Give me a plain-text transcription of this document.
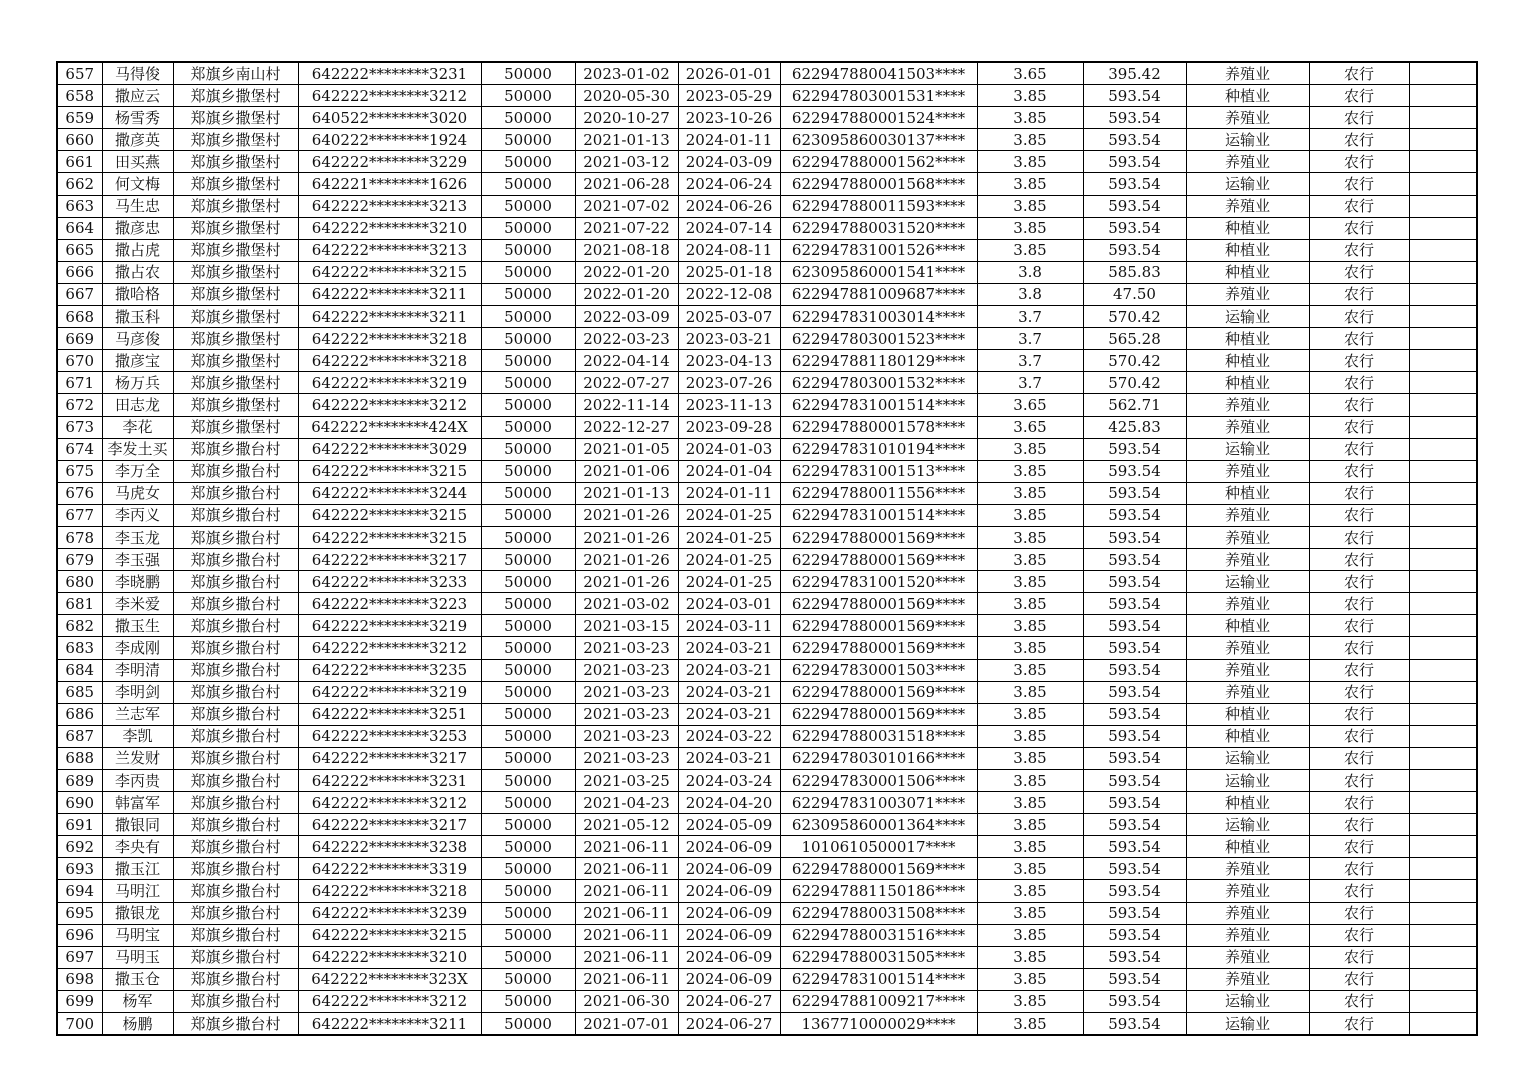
657	马得俊	郑旗乡南山村	642222********3231	50000	2023-01-02	2026-01-01	622947880041503****	3.65	395.42	养殖业	农行	
658	撒应云	郑旗乡撒堡村	642222********3212	50000	2020-05-30	2023-05-29	622947803001531****	3.85	593.54	种植业	农行	
659	杨雪秀	郑旗乡撒堡村	640522********3020	50000	2020-10-27	2023-10-26	622947880001524****	3.85	593.54	养殖业	农行	
660	撒彦英	郑旗乡撒堡村	640222********1924	50000	2021-01-13	2024-01-11	623095860030137****	3.85	593.54	运输业	农行	
661	田买燕	郑旗乡撒堡村	642222********3229	50000	2021-03-12	2024-03-09	622947880001562****	3.85	593.54	养殖业	农行	
662	何文梅	郑旗乡撒堡村	642221********1626	50000	2021-06-28	2024-06-24	622947880001568****	3.85	593.54	运输业	农行	
663	马生忠	郑旗乡撒堡村	642222********3213	50000	2021-07-02	2024-06-26	622947880011593****	3.85	593.54	养殖业	农行	
664	撒彦忠	郑旗乡撒堡村	642222********3210	50000	2021-07-22	2024-07-14	622947880031520****	3.85	593.54	种植业	农行	
665	撒占虎	郑旗乡撒堡村	642222********3213	50000	2021-08-18	2024-08-11	622947831001526****	3.85	593.54	种植业	农行	
666	撒占农	郑旗乡撒堡村	642222********3215	50000	2022-01-20	2025-01-18	623095860001541****	3.8	585.83	种植业	农行	
667	撒哈格	郑旗乡撒堡村	642222********3211	50000	2022-01-20	2022-12-08	622947881009687****	3.8	47.50	养殖业	农行	
668	撒玉科	郑旗乡撒堡村	642222********3211	50000	2022-03-09	2025-03-07	622947831003014****	3.7	570.42	运输业	农行	
669	马彦俊	郑旗乡撒堡村	642222********3218	50000	2022-03-23	2023-03-21	622947803001523****	3.7	565.28	种植业	农行	
670	撒彦宝	郑旗乡撒堡村	642222********3218	50000	2022-04-14	2023-04-13	622947881180129****	3.7	570.42	种植业	农行	
671	杨万兵	郑旗乡撒堡村	642222********3219	50000	2022-07-27	2023-07-26	622947803001532****	3.7	570.42	种植业	农行	
672	田志龙	郑旗乡撒堡村	642222********3212	50000	2022-11-14	2023-11-13	622947831001514****	3.65	562.71	养殖业	农行	
673	李花	郑旗乡撒堡村	642222********424X	50000	2022-12-27	2023-09-28	622947880001578****	3.65	425.83	养殖业	农行	
674	李发土买	郑旗乡撒台村	642222********3029	50000	2021-01-05	2024-01-03	622947831010194****	3.85	593.54	运输业	农行	
675	李万全	郑旗乡撒台村	642222********3215	50000	2021-01-06	2024-01-04	622947831001513****	3.85	593.54	养殖业	农行	
676	马虎女	郑旗乡撒台村	642222********3244	50000	2021-01-13	2024-01-11	622947880011556****	3.85	593.54	种植业	农行	
677	李丙义	郑旗乡撒台村	642222********3215	50000	2021-01-26	2024-01-25	622947831001514****	3.85	593.54	养殖业	农行	
678	李玉龙	郑旗乡撒台村	642222********3215	50000	2021-01-26	2024-01-25	622947880001569****	3.85	593.54	养殖业	农行	
679	李玉强	郑旗乡撒台村	642222********3217	50000	2021-01-26	2024-01-25	622947880001569****	3.85	593.54	养殖业	农行	
680	李晓鹏	郑旗乡撒台村	642222********3233	50000	2021-01-26	2024-01-25	622947831001520****	3.85	593.54	运输业	农行	
681	李米爱	郑旗乡撒台村	642222********3223	50000	2021-03-02	2024-03-01	622947880001569****	3.85	593.54	养殖业	农行	
682	撒玉生	郑旗乡撒台村	642222********3219	50000	2021-03-15	2024-03-11	622947880001569****	3.85	593.54	种植业	农行	
683	李成刚	郑旗乡撒台村	642222********3212	50000	2021-03-23	2024-03-21	622947880001569****	3.85	593.54	养殖业	农行	
684	李明清	郑旗乡撒台村	642222********3235	50000	2021-03-23	2024-03-21	622947830001503****	3.85	593.54	养殖业	农行	
685	李明剑	郑旗乡撒台村	642222********3219	50000	2021-03-23	2024-03-21	622947880001569****	3.85	593.54	养殖业	农行	
686	兰志军	郑旗乡撒台村	642222********3251	50000	2021-03-23	2024-03-21	622947880001569****	3.85	593.54	种植业	农行	
687	李凯	郑旗乡撒台村	642222********3253	50000	2021-03-23	2024-03-22	622947880031518****	3.85	593.54	种植业	农行	
688	兰发财	郑旗乡撒台村	642222********3217	50000	2021-03-23	2024-03-21	622947803010166****	3.85	593.54	运输业	农行	
689	李丙贵	郑旗乡撒台村	642222********3231	50000	2021-03-25	2024-03-24	622947830001506****	3.85	593.54	运输业	农行	
690	韩富军	郑旗乡撒台村	642222********3212	50000	2021-04-23	2024-04-20	622947831003071****	3.85	593.54	种植业	农行	
691	撒银同	郑旗乡撒台村	642222********3217	50000	2021-05-12	2024-05-09	623095860001364****	3.85	593.54	运输业	农行	
692	李央有	郑旗乡撒台村	642222********3238	50000	2021-06-11	2024-06-09	1010610500017****	3.85	593.54	种植业	农行	
693	撒玉江	郑旗乡撒台村	642222********3319	50000	2021-06-11	2024-06-09	622947880001569****	3.85	593.54	养殖业	农行	
694	马明江	郑旗乡撒台村	642222********3218	50000	2021-06-11	2024-06-09	622947881150186****	3.85	593.54	养殖业	农行	
695	撒银龙	郑旗乡撒台村	642222********3239	50000	2021-06-11	2024-06-09	622947880031508****	3.85	593.54	养殖业	农行	
696	马明宝	郑旗乡撒台村	642222********3215	50000	2021-06-11	2024-06-09	622947880031516****	3.85	593.54	养殖业	农行	
697	马明玉	郑旗乡撒台村	642222********3210	50000	2021-06-11	2024-06-09	622947880031505****	3.85	593.54	养殖业	农行	
698	撒玉仓	郑旗乡撒台村	642222********323X	50000	2021-06-11	2024-06-09	622947831001514****	3.85	593.54	养殖业	农行	
699	杨军	郑旗乡撒台村	642222********3212	50000	2021-06-30	2024-06-27	622947881009217****	3.85	593.54	运输业	农行	
700	杨鹏	郑旗乡撒台村	642222********3211	50000	2021-07-01	2024-06-27	1367710000029****	3.85	593.54	运输业	农行	
